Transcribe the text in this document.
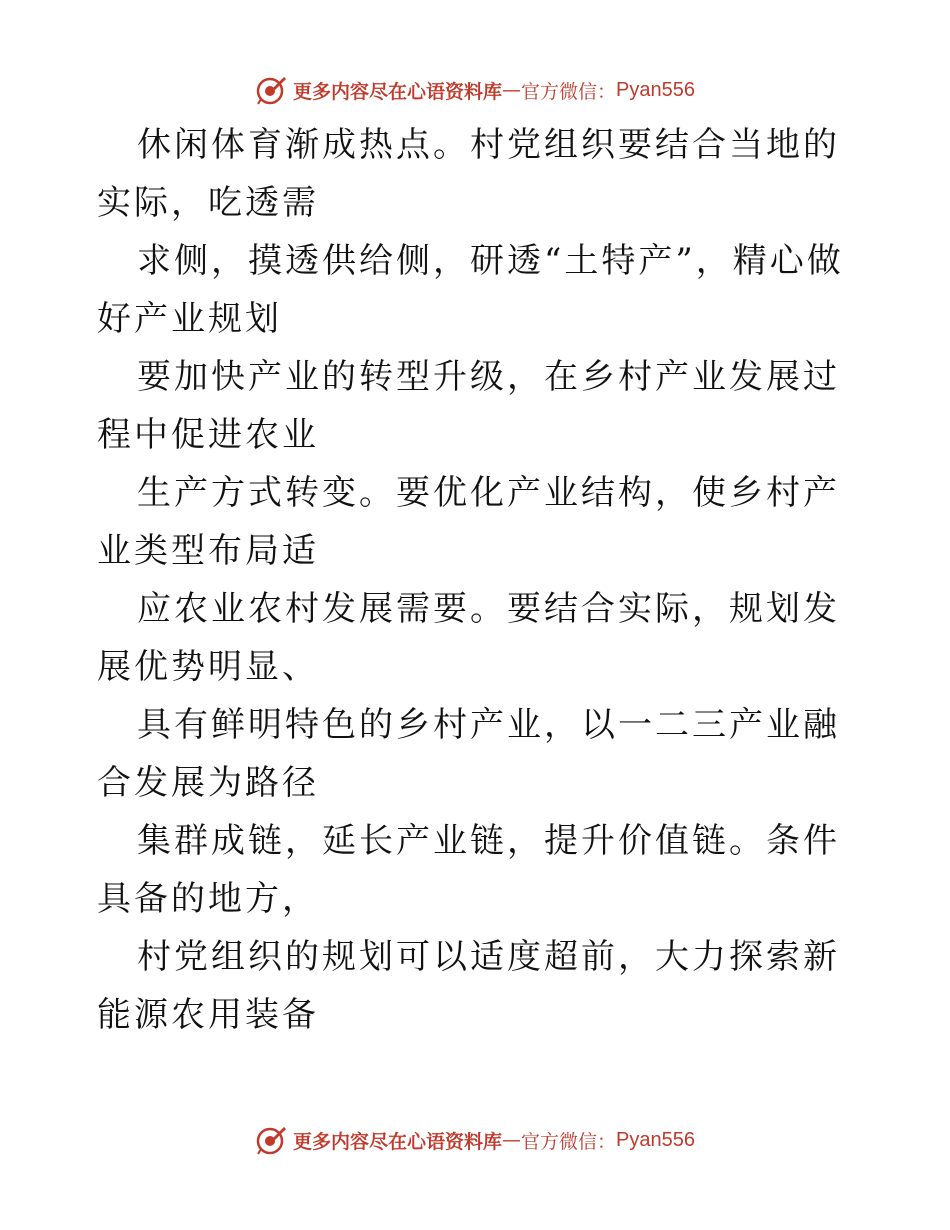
更多内容尽在心语资料库 — 官方微信： Pyan556

休闲体育渐成热点。村党组织要结合当地的实际，吃透需

求侧，摸透供给侧，研透“土特产”，精心做好产业规划

要加快产业的转型升级，在乡村产业发展过程中促进农业

生产方式转变。要优化产业结构，使乡村产业类型布局适

应农业农村发展需要。要结合实际，规划发展优势明显、

具有鲜明特色的乡村产业，以一二三产业融合发展为路径

集群成链，延长产业链，提升价值链。条件具备的地方，

村党组织的规划可以适度超前，大力探索新能源农用装备

更多内容尽在心语资料库 — 官方微信： Pyan556
